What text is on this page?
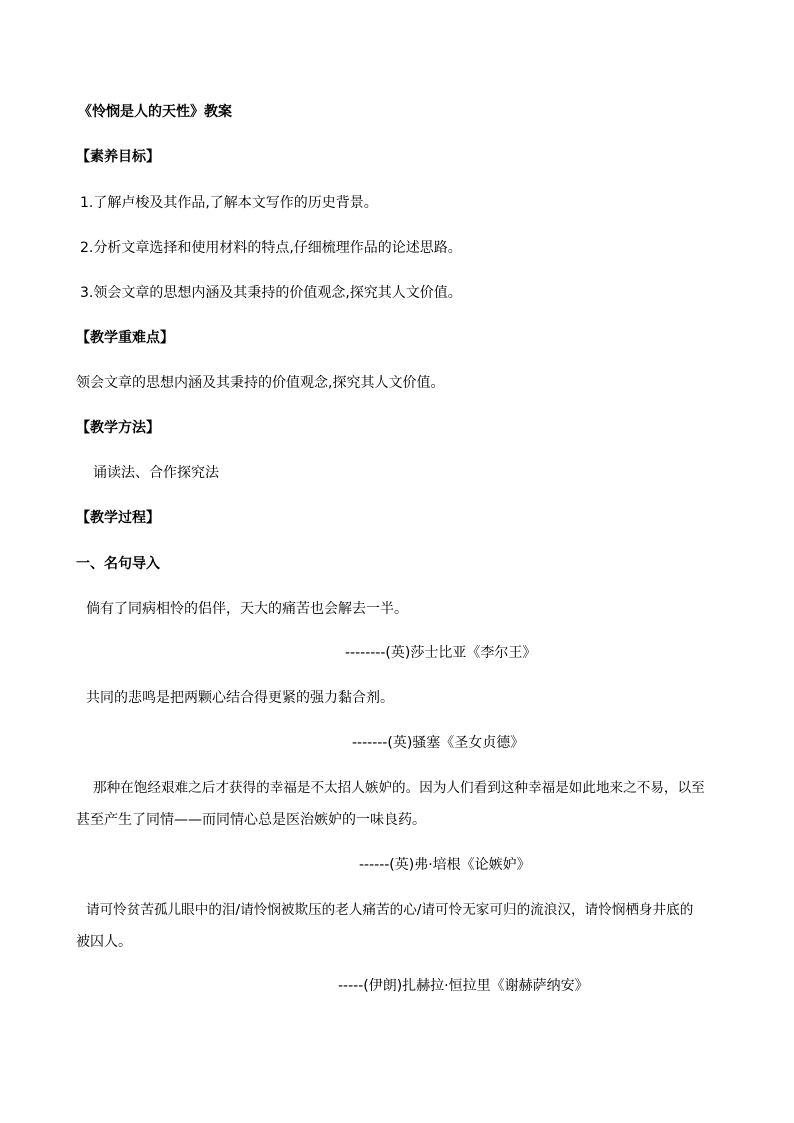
《怜悯是人的天性》教案
【素养目标】
1.了解卢梭及其作品,了解本文写作的历史背景。
2.分析文章选择和使用材料的特点,仔细梳理作品的论述思路。
3.领会文章的思想内涵及其秉持的价值观念,探究其人文价值。
【教学重难点】
领会文章的思想内涵及其秉持的价值观念,探究其人文价值。
【教学方法】
诵读法、合作探究法
【教学过程】
一、名句导入
倘有了同病相怜的侣伴，天大的痛苦也会解去一半。
--------(英)莎士比亚《李尔王》
共同的悲鸣是把两颗心结合得更紧的强力黏合剂。
-------(英)骚塞《圣女贞德》
那种在饱经艰难之后才获得的幸福是不太招人嫉妒的。因为人们看到这种幸福是如此地来之不易，以至
甚至产生了同情——而同情心总是医治嫉妒的一味良药。
------(英)弗·培根《论嫉妒》
请可怜贫苦孤儿眼中的泪/请怜悯被欺压的老人痛苦的心/请可怜无家可归的流浪汉，请怜悯栖身井底的
被囚人。
-----(伊朗)扎赫拉·恒拉里《谢赫萨纳安》
